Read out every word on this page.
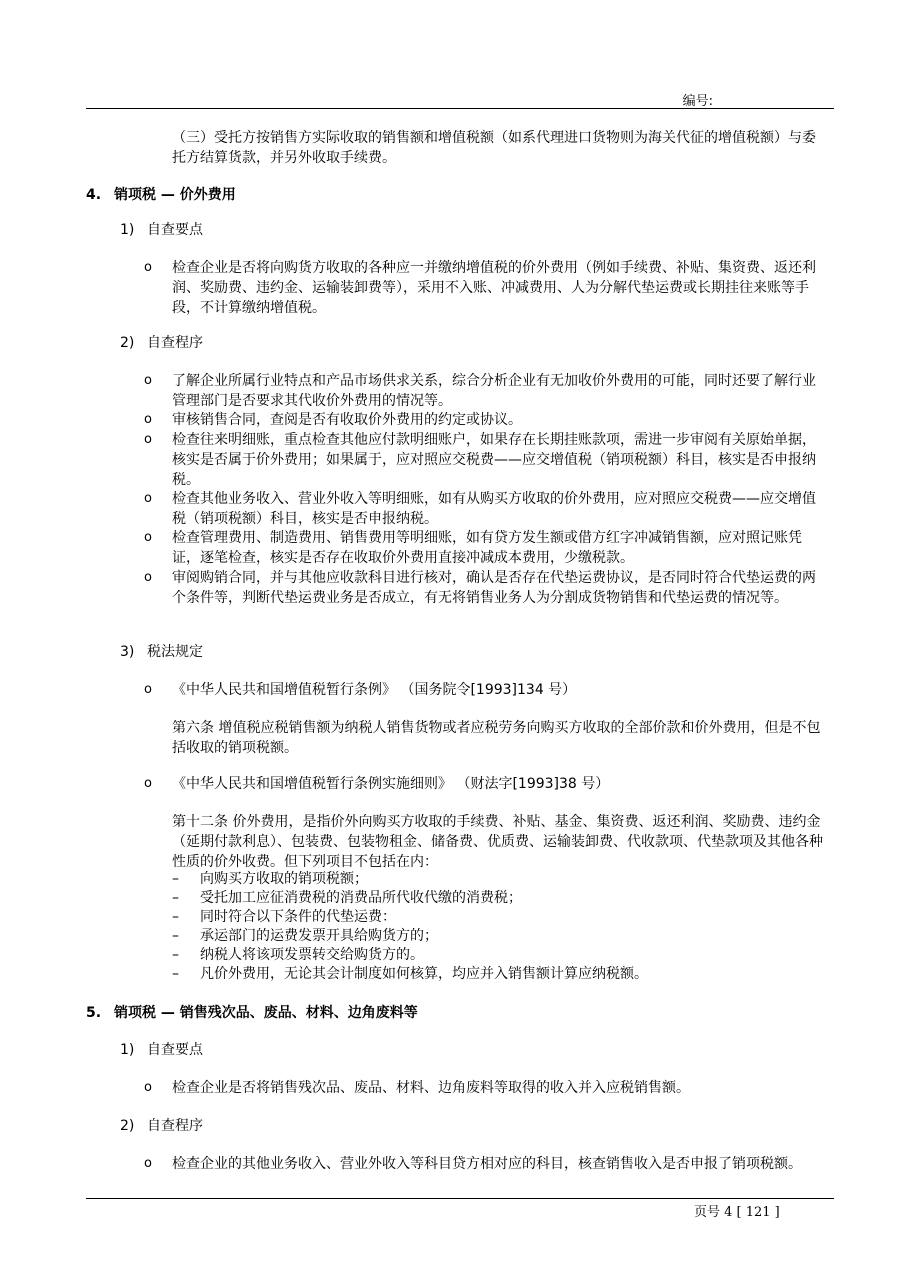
编号:
（三）受托方按销售方实际收取的销售额和增值税额（如系代理进口货物则为海关代征的增值税额）与委托方结算货款，并另外收取手续费。
4. 销项税 — 价外费用
1) 自查要点
o 检查企业是否将向购货方收取的各种应一并缴纳增值税的价外费用（例如手续费、补贴、集资费、返还利润、奖励费、违约金、运输装卸费等），采用不入账、冲减费用、人为分解代垫运费或长期挂往来账等手段，不计算缴纳增值税。
2) 自查程序
o 了解企业所属行业特点和产品市场供求关系，综合分析企业有无加收价外费用的可能，同时还要了解行业管理部门是否要求其代收价外费用的情况等。
o 审核销售合同，查阅是否有收取价外费用的约定或协议。
o 检查往来明细账，重点检查其他应付款明细账户，如果存在长期挂账款项，需进一步审阅有关原始单据，核实是否属于价外费用；如果属于，应对照应交税费——应交增值税（销项税额）科目，核实是否申报纳税。
o 检查其他业务收入、营业外收入等明细账，如有从购买方收取的价外费用，应对照应交税费——应交增值税（销项税额）科目，核实是否申报纳税。
o 检查管理费用、制造费用、销售费用等明细账，如有贷方发生额或借方红字冲减销售额，应对照记账凭证，逐笔检查，核实是否存在收取价外费用直接冲减成本费用，少缴税款。
o 审阅购销合同，并与其他应收款科目进行核对，确认是否存在代垫运费协议，是否同时符合代垫运费的两个条件等，判断代垫运费业务是否成立，有无将销售业务人为分割成货物销售和代垫运费的情况等。
3) 税法规定
o 《中华人民共和国增值税暂行条例》 （国务院令[1993]134 号）
第六条 增值税应税销售额为纳税人销售货物或者应税劳务向购买方收取的全部价款和价外费用，但是不包括收取的销项税额。
o 《中华人民共和国增值税暂行条例实施细则》 （财法字[1993]38 号）
第十二条 价外费用，是指价外向购买方收取的手续费、补贴、基金、集资费、返还利润、奖励费、违约金（延期付款利息）、包装费、包装物租金、储备费、优质费、运输装卸费、代收款项、代垫款项及其他各种性质的价外收费。但下列项目不包括在内：
– 向购买方收取的销项税额；
– 受托加工应征消费税的消费品所代收代缴的消费税；
– 同时符合以下条件的代垫运费：
– 承运部门的运费发票开具给购货方的；
– 纳税人将该项发票转交给购货方的。
– 凡价外费用，无论其会计制度如何核算，均应并入销售额计算应纳税额。
5. 销项税 — 销售残次品、废品、材料、边角废料等
1) 自查要点
o 检查企业是否将销售残次品、废品、材料、边角废料等取得的收入并入应税销售额。
2) 自查程序
o 检查企业的其他业务收入、营业外收入等科目贷方相对应的科目，核查销售收入是否申报了销项税额。
页号 4 [ 121 ]
